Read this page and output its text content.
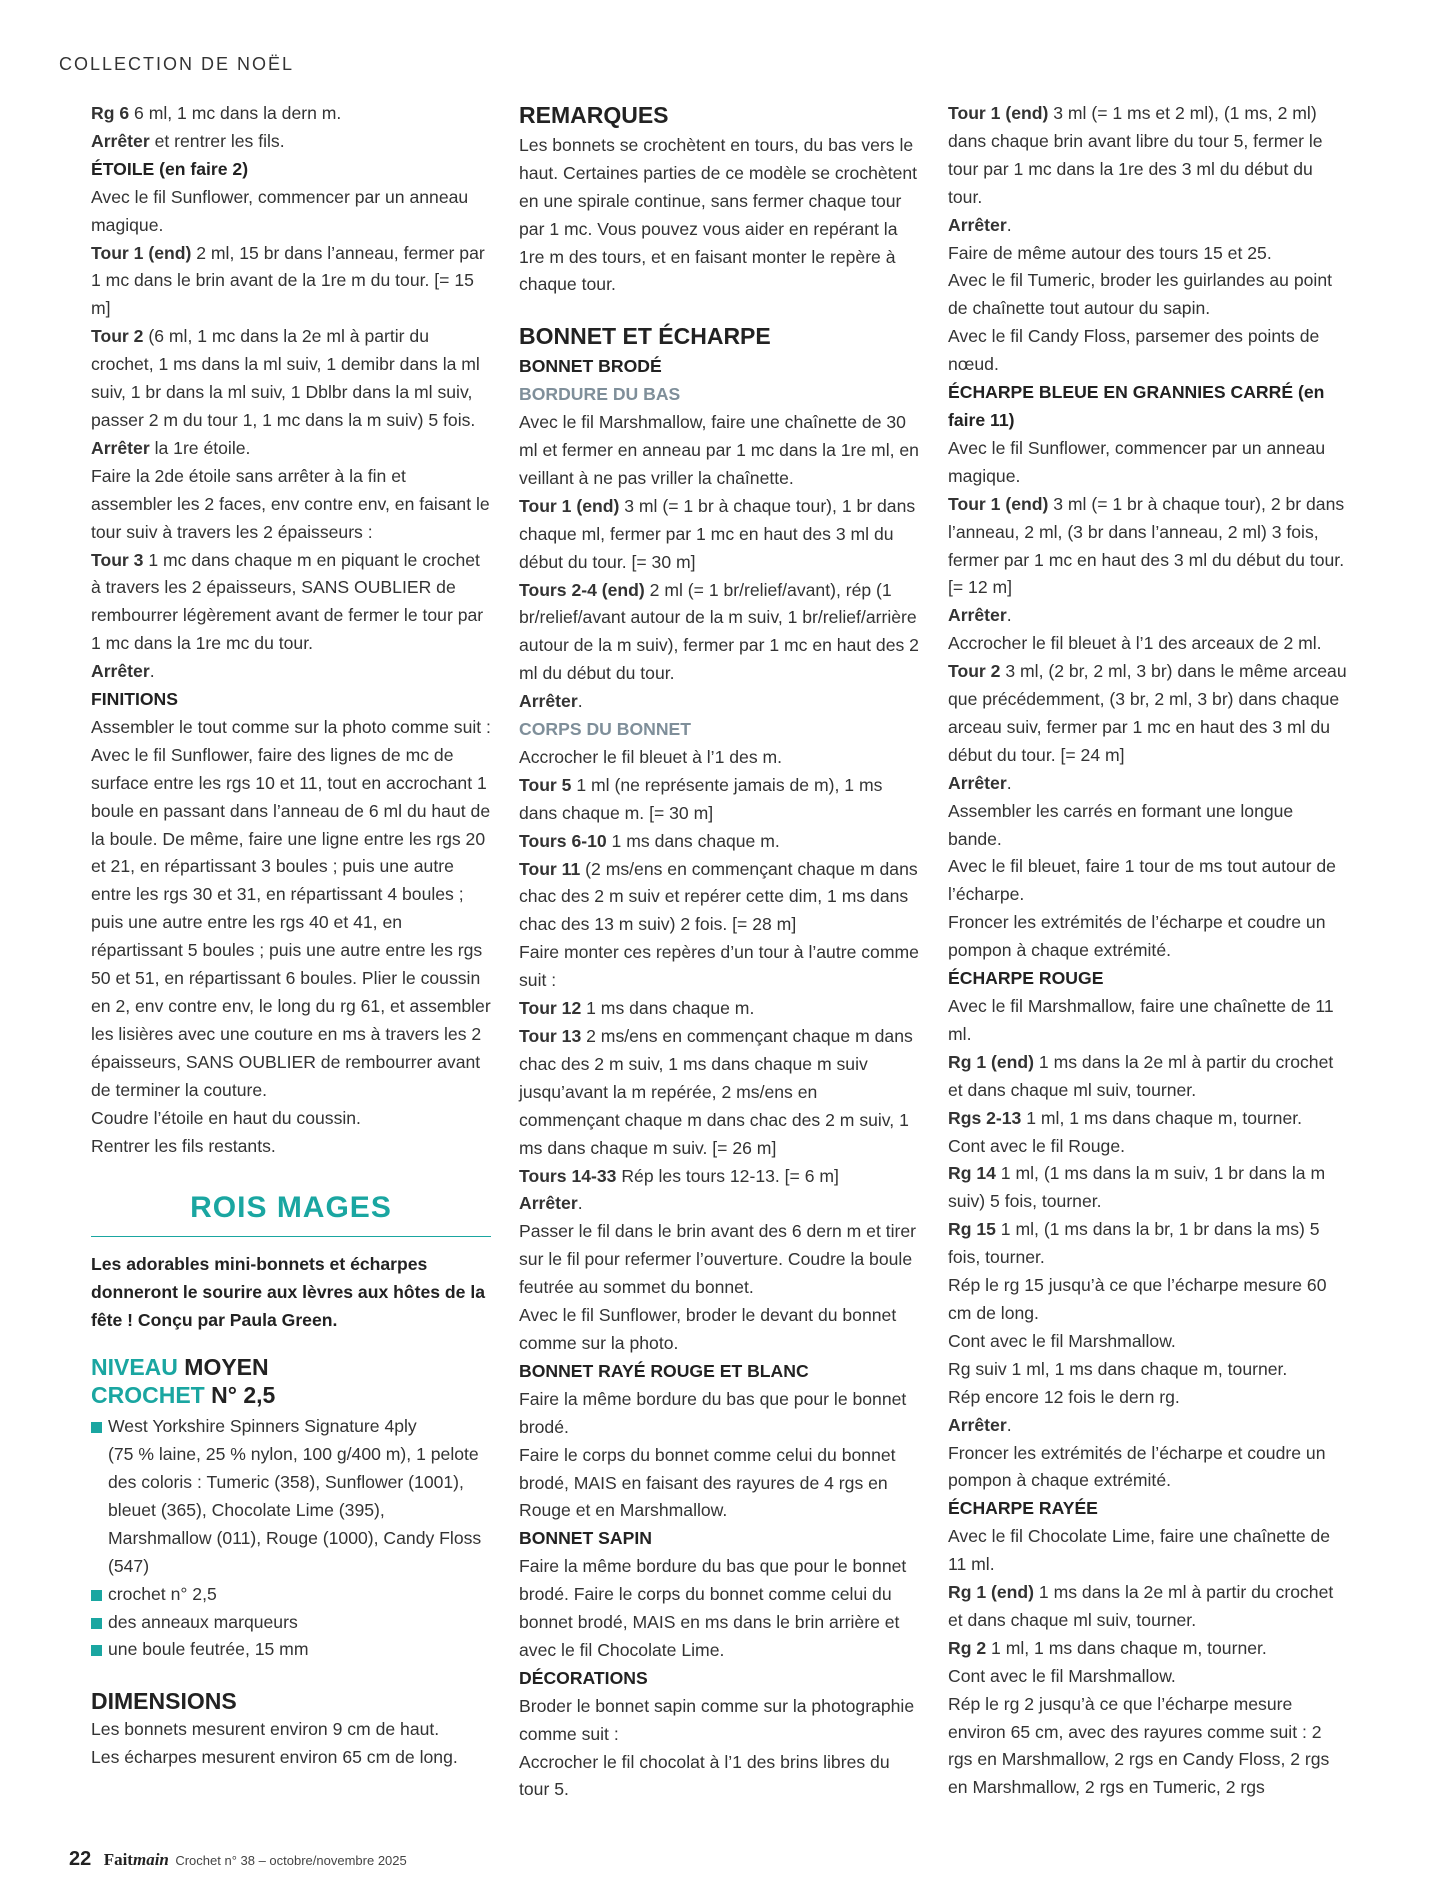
COLLECTION DE NOËL

Rg 6 6 ml, 1 mc dans la dern m.

Arrêter et rentrer les fils.

ÉTOILE (en faire 2)

Avec le fil Sunflower, commencer par un anneau magique.

Tour 1 (end) 2 ml, 15 br dans l’anneau, fermer par 1 mc dans le brin avant de la 1re m du tour. [= 15 m]

Tour 2 (6 ml, 1 mc dans la 2e ml à partir du crochet, 1 ms dans la ml suiv, 1 demibr dans la ml suiv, 1 br dans la ml suiv, 1 Dblbr dans la ml suiv, passer 2 m du tour 1, 1 mc dans la m suiv) 5 fois.

Arrêter la 1re étoile.

Faire la 2de étoile sans arrêter à la fin et assembler les 2 faces, env contre env, en faisant le tour suiv à travers les 2 épaisseurs :

Tour 3 1 mc dans chaque m en piquant le crochet à travers les 2 épaisseurs, SANS OUBLIER de rembourrer légèrement avant de fermer le tour par 1 mc dans la 1re mc du tour.

Arrêter.

FINITIONS

Assembler le tout comme sur la photo comme suit :

Avec le fil Sunflower, faire des lignes de mc de surface entre les rgs 10 et 11, tout en accrochant 1 boule en passant dans l’anneau de 6 ml du haut de la boule. De même, faire une ligne entre les rgs 20 et 21, en répartissant 3 boules ; puis une autre entre les rgs 30 et 31, en répartissant 4 boules ; puis une autre entre les rgs 40 et 41, en répartissant 5 boules ; puis une autre entre les rgs 50 et 51, en répartissant 6 boules. Plier le coussin en 2, env contre env, le long du rg 61, et assembler les lisières avec une couture en ms à travers les 2 épaisseurs, SANS OUBLIER de rembourrer avant de terminer la couture.

Coudre l’étoile en haut du coussin.

Rentrer les fils restants.

ROIS MAGES

Les adorables mini-bonnets et écharpes donneront le sourire aux lèvres aux hôtes de la fête ! Conçu par Paula Green.

NIVEAU MOYEN
CROCHET N° 2,5
West Yorkshire Spinners Signature 4ply
(75 % laine, 25 % nylon, 100 g/400 m), 1 pelote des coloris : Tumeric (358), Sunflower (1001), bleuet (365), Chocolate Lime (395), Marshmallow (011), Rouge (1000), Candy Floss (547)
crochet n° 2,5
des anneaux marqueurs
une boule feutrée, 15 mm
DIMENSIONS

Les bonnets mesurent environ 9 cm de haut.

Les écharpes mesurent environ 65 cm de long.

REMARQUES

Les bonnets se crochètent en tours, du bas vers le haut. Certaines parties de ce modèle se crochètent en une spirale continue, sans fermer chaque tour par 1 mc. Vous pouvez vous aider en repérant la 1re m des tours, et en faisant monter le repère à chaque tour.

BONNET ET ÉCHARPE

BONNET BRODÉ

BORDURE DU BAS

Avec le fil Marshmallow, faire une chaînette de 30 ml et fermer en anneau par 1 mc dans la 1re ml, en veillant à ne pas vriller la chaînette.

Tour 1 (end) 3 ml (= 1 br à chaque tour), 1 br dans chaque ml, fermer par 1 mc en haut des 3 ml du début du tour. [= 30 m]

Tours 2-4 (end) 2 ml (= 1 br/relief/avant), rép (1 br/relief/avant autour de la m suiv, 1 br/relief/arrière autour de la m suiv), fermer par 1 mc en haut des 2 ml du début du tour.

Arrêter.

CORPS DU BONNET

Accrocher le fil bleuet à l’1 des m.

Tour 5 1 ml (ne représente jamais de m), 1 ms dans chaque m. [= 30 m]

Tours 6-10 1 ms dans chaque m.

Tour 11 (2 ms/ens en commençant chaque m dans chac des 2 m suiv et repérer cette dim, 1 ms dans chac des 13 m suiv) 2 fois. [= 28 m]

Faire monter ces repères d’un tour à l’autre comme suit :

Tour 12 1 ms dans chaque m.

Tour 13 2 ms/ens en commençant chaque m dans chac des 2 m suiv, 1 ms dans chaque m suiv jusqu’avant la m repérée, 2 ms/ens en commençant chaque m dans chac des 2 m suiv, 1 ms dans chaque m suiv. [= 26 m]

Tours 14-33 Rép les tours 12-13. [= 6 m]

Arrêter.

Passer le fil dans le brin avant des 6 dern m et tirer sur le fil pour refermer l’ouverture. Coudre la boule feutrée au sommet du bonnet.

Avec le fil Sunflower, broder le devant du bonnet comme sur la photo.

BONNET RAYÉ ROUGE ET BLANC

Faire la même bordure du bas que pour le bonnet brodé.

Faire le corps du bonnet comme celui du bonnet brodé, MAIS en faisant des rayures de 4 rgs en Rouge et en Marshmallow.

BONNET SAPIN

Faire la même bordure du bas que pour le bonnet brodé. Faire le corps du bonnet comme celui du bonnet brodé, MAIS en ms dans le brin arrière et avec le fil Chocolate Lime.

DÉCORATIONS

Broder le bonnet sapin comme sur la photographie comme suit :

Accrocher le fil chocolat à l’1 des brins libres du tour 5.

Tour 1 (end) 3 ml (= 1 ms et 2 ml), (1 ms, 2 ml) dans chaque brin avant libre du tour 5, fermer le tour par 1 mc dans la 1re des 3 ml du début du tour.

Arrêter.

Faire de même autour des tours 15 et 25.

Avec le fil Tumeric, broder les guirlandes au point de chaînette tout autour du sapin.

Avec le fil Candy Floss, parsemer des points de nœud.

ÉCHARPE BLEUE EN GRANNIES CARRÉ (en faire 11)

Avec le fil Sunflower, commencer par un anneau magique.

Tour 1 (end) 3 ml (= 1 br à chaque tour), 2 br dans l’anneau, 2 ml, (3 br dans l’anneau, 2 ml) 3 fois, fermer par 1 mc en haut des 3 ml du début du tour. [= 12 m]

Arrêter.

Accrocher le fil bleuet à l’1 des arceaux de 2 ml.

Tour 2 3 ml, (2 br, 2 ml, 3 br) dans le même arceau que précédemment, (3 br, 2 ml, 3 br) dans chaque arceau suiv, fermer par 1 mc en haut des 3 ml du début du tour. [= 24 m]

Arrêter.

Assembler les carrés en formant une longue bande.

Avec le fil bleuet, faire 1 tour de ms tout autour de l’écharpe.

Froncer les extrémités de l’écharpe et coudre un pompon à chaque extrémité.

ÉCHARPE ROUGE

Avec le fil Marshmallow, faire une chaînette de 11 ml.

Rg 1 (end) 1 ms dans la 2e ml à partir du crochet et dans chaque ml suiv, tourner.

Rgs 2-13 1 ml, 1 ms dans chaque m, tourner.

Cont avec le fil Rouge.

Rg 14 1 ml, (1 ms dans la m suiv, 1 br dans la m suiv) 5 fois, tourner.

Rg 15 1 ml, (1 ms dans la br, 1 br dans la ms) 5 fois, tourner.

Rép le rg 15 jusqu’à ce que l’écharpe mesure 60 cm de long.

Cont avec le fil Marshmallow.

Rg suiv 1 ml, 1 ms dans chaque m, tourner.

Rép encore 12 fois le dern rg.

Arrêter.

Froncer les extrémités de l’écharpe et coudre un pompon à chaque extrémité.

ÉCHARPE RAYÉE

Avec le fil Chocolate Lime, faire une chaînette de 11 ml.

Rg 1 (end) 1 ms dans la 2e ml à partir du crochet et dans chaque ml suiv, tourner.

Rg 2 1 ml, 1 ms dans chaque m, tourner.

Cont avec le fil Marshmallow.

Rép le rg 2 jusqu’à ce que l’écharpe mesure environ 65 cm, avec des rayures comme suit : 2 rgs en Marshmallow, 2 rgs en Candy Floss, 2 rgs en Marshmallow, 2 rgs en Tumeric, 2 rgs

22 Faitmain Crochet n° 38 – octobre/novembre 2025
